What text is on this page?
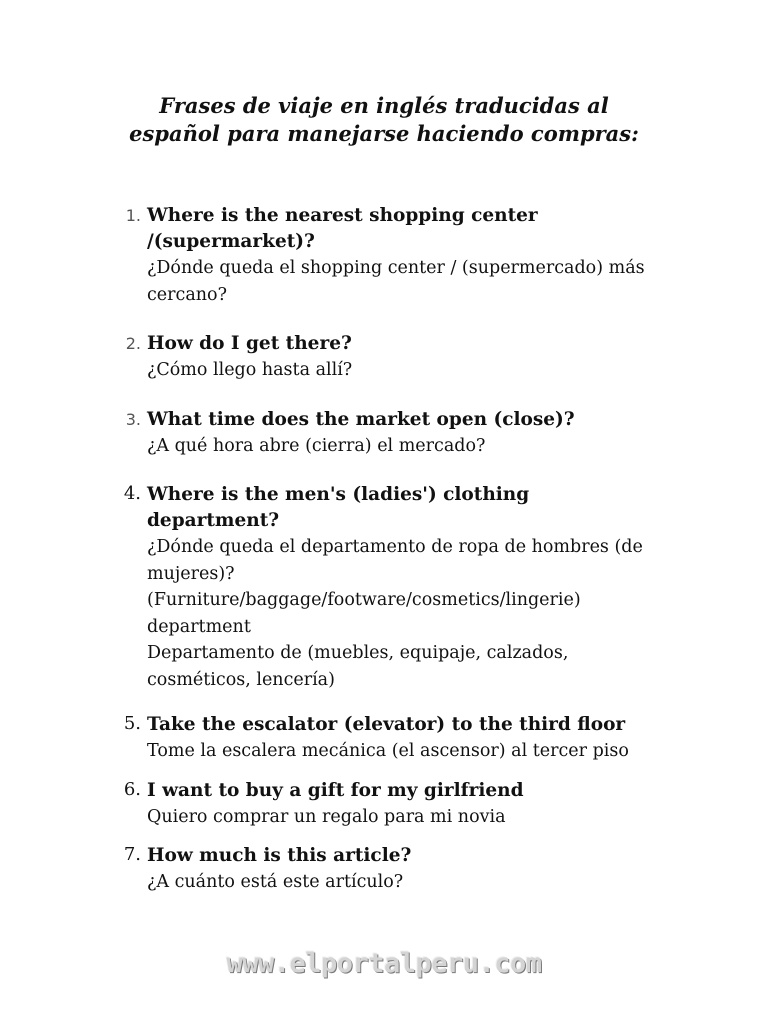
Frases de viaje en inglés traducidas al
español para manejarse haciendo compras:
1. Where is the nearest shopping center
/(supermarket)?
¿Dónde queda el shopping center / (supermercado) más
cercano?
2. How do I get there?
¿Cómo llego hasta allí?
3. What time does the market open (close)?
¿A qué hora abre (cierra) el mercado?
4. Where is the men's (ladies') clothing
department?
¿Dónde queda el departamento de ropa de hombres (de
mujeres)?
(Furniture/baggage/footware/cosmetics/lingerie)
department
Departamento de (muebles, equipaje, calzados,
cosméticos, lencería)
5. Take the escalator (elevator) to the third floor
Tome la escalera mecánica (el ascensor) al tercer piso
6. I want to buy a gift for my girlfriend
Quiero comprar un regalo para mi novia
7. How much is this article?
¿A cuánto está este artículo?
www.elportalperu.com
